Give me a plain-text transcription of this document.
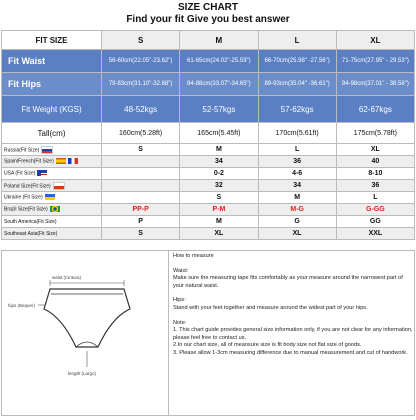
SIZE CHART
Find your fit Give you best answer
FIT SIZE	S	M	L	XL
Fit Waist	56-60cm(22.05"-23.62")	61-65cm(24.02"-25.59")	66-70cm(25.98" -27.56")	71-75cm(27.95" - 29.53")
Fit Hips	79-83cm(31.10"-32.68")	84-88cm(33.07"-34.65")	89-93cm(35.04" -36.61")	94-98cm(37.01" - 38.58")
Fit Weight (KGS)	48-52kgs	52-57kgs	57-62kgs	62-67kgs
Tall(cm)	160cm(5.28ft)	165cm(5.45ft)	170cm(5.61ft)	175cm(5.78ft)
Russia(Fit Size)	S	M	L	XL
Spain/French(Fit Size)		34	36	40
USA (Fit Size)		0-2	4-6	8-10
Poland Size(Fit Size)		32	34	36
Ukraine (Fit Size)		S	M	L
Brazil Size(Fit Size)	PP-P	P-M	M-G	G-GG
South America(Fit Size)	P	M	G	GG
Southeast Asia(Fit Size)	S	XL	XL	XXL
waist (Cintura)
hips (Bequer)
length (Largo)

How to measure

Waist:

Make sure the measuring tape fits comfortably as your measure around the narrowest part of your natural waist.

Hips:

Stand with your feet together and measure around the widest part of your hips.

Note:

1. This chart guide provides general size information only, if you are not clear for any information, please feel free to contact us.

2.In our chart size, all of meansure size is fit body size not flat size of goods.

3. Please allow 1-3cm measuring difference due to manual measurement and cut of handwork.
